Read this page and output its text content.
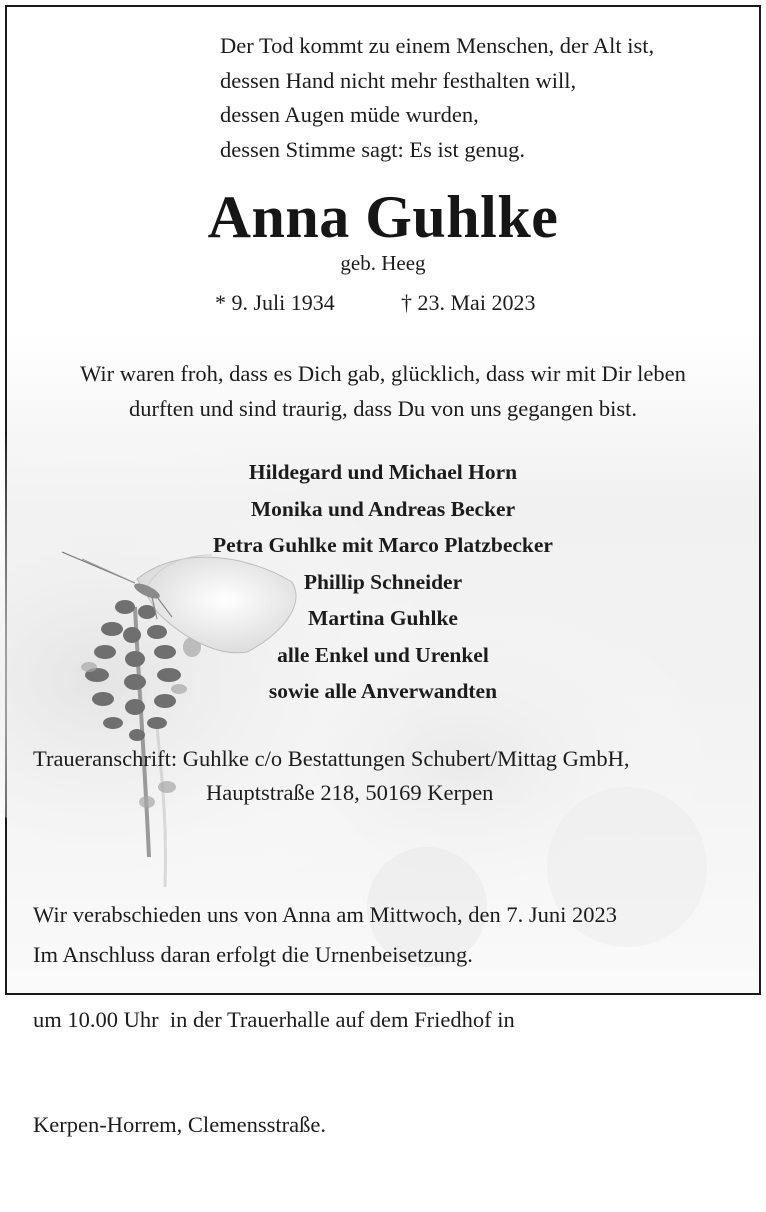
Der Tod kommt zu einem Menschen, der Alt ist,
dessen Hand nicht mehr festhalten will,
dessen Augen müde wurden,
dessen Stimme sagt: Es ist genug.
Anna Guhlke
geb. Heeg
* 9. Juli 1934	† 23. Mai 2023
Wir waren froh, dass es Dich gab, glücklich, dass wir mit Dir leben
durften und sind traurig, dass Du von uns gegangen bist.
Hildegard und Michael Horn
Monika und Andreas Becker
Petra Guhlke mit Marco Platzbecker
Phillip Schneider
Martina Guhlke
alle Enkel und Urenkel
sowie alle Anverwandten
Traueranschrift: Guhlke c/o Bestattungen Schubert/Mittag GmbH,
Hauptstraße 218, 50169 Kerpen

Wir verabschieden uns von Anna am Mittwoch, den 7. Juni 2023

um 10.00 Uhr  in der Trauerhalle auf dem Friedhof in

Kerpen-Horrem, Clemensstraße.

Im Anschluss daran erfolgt die Urnenbeisetzung.
